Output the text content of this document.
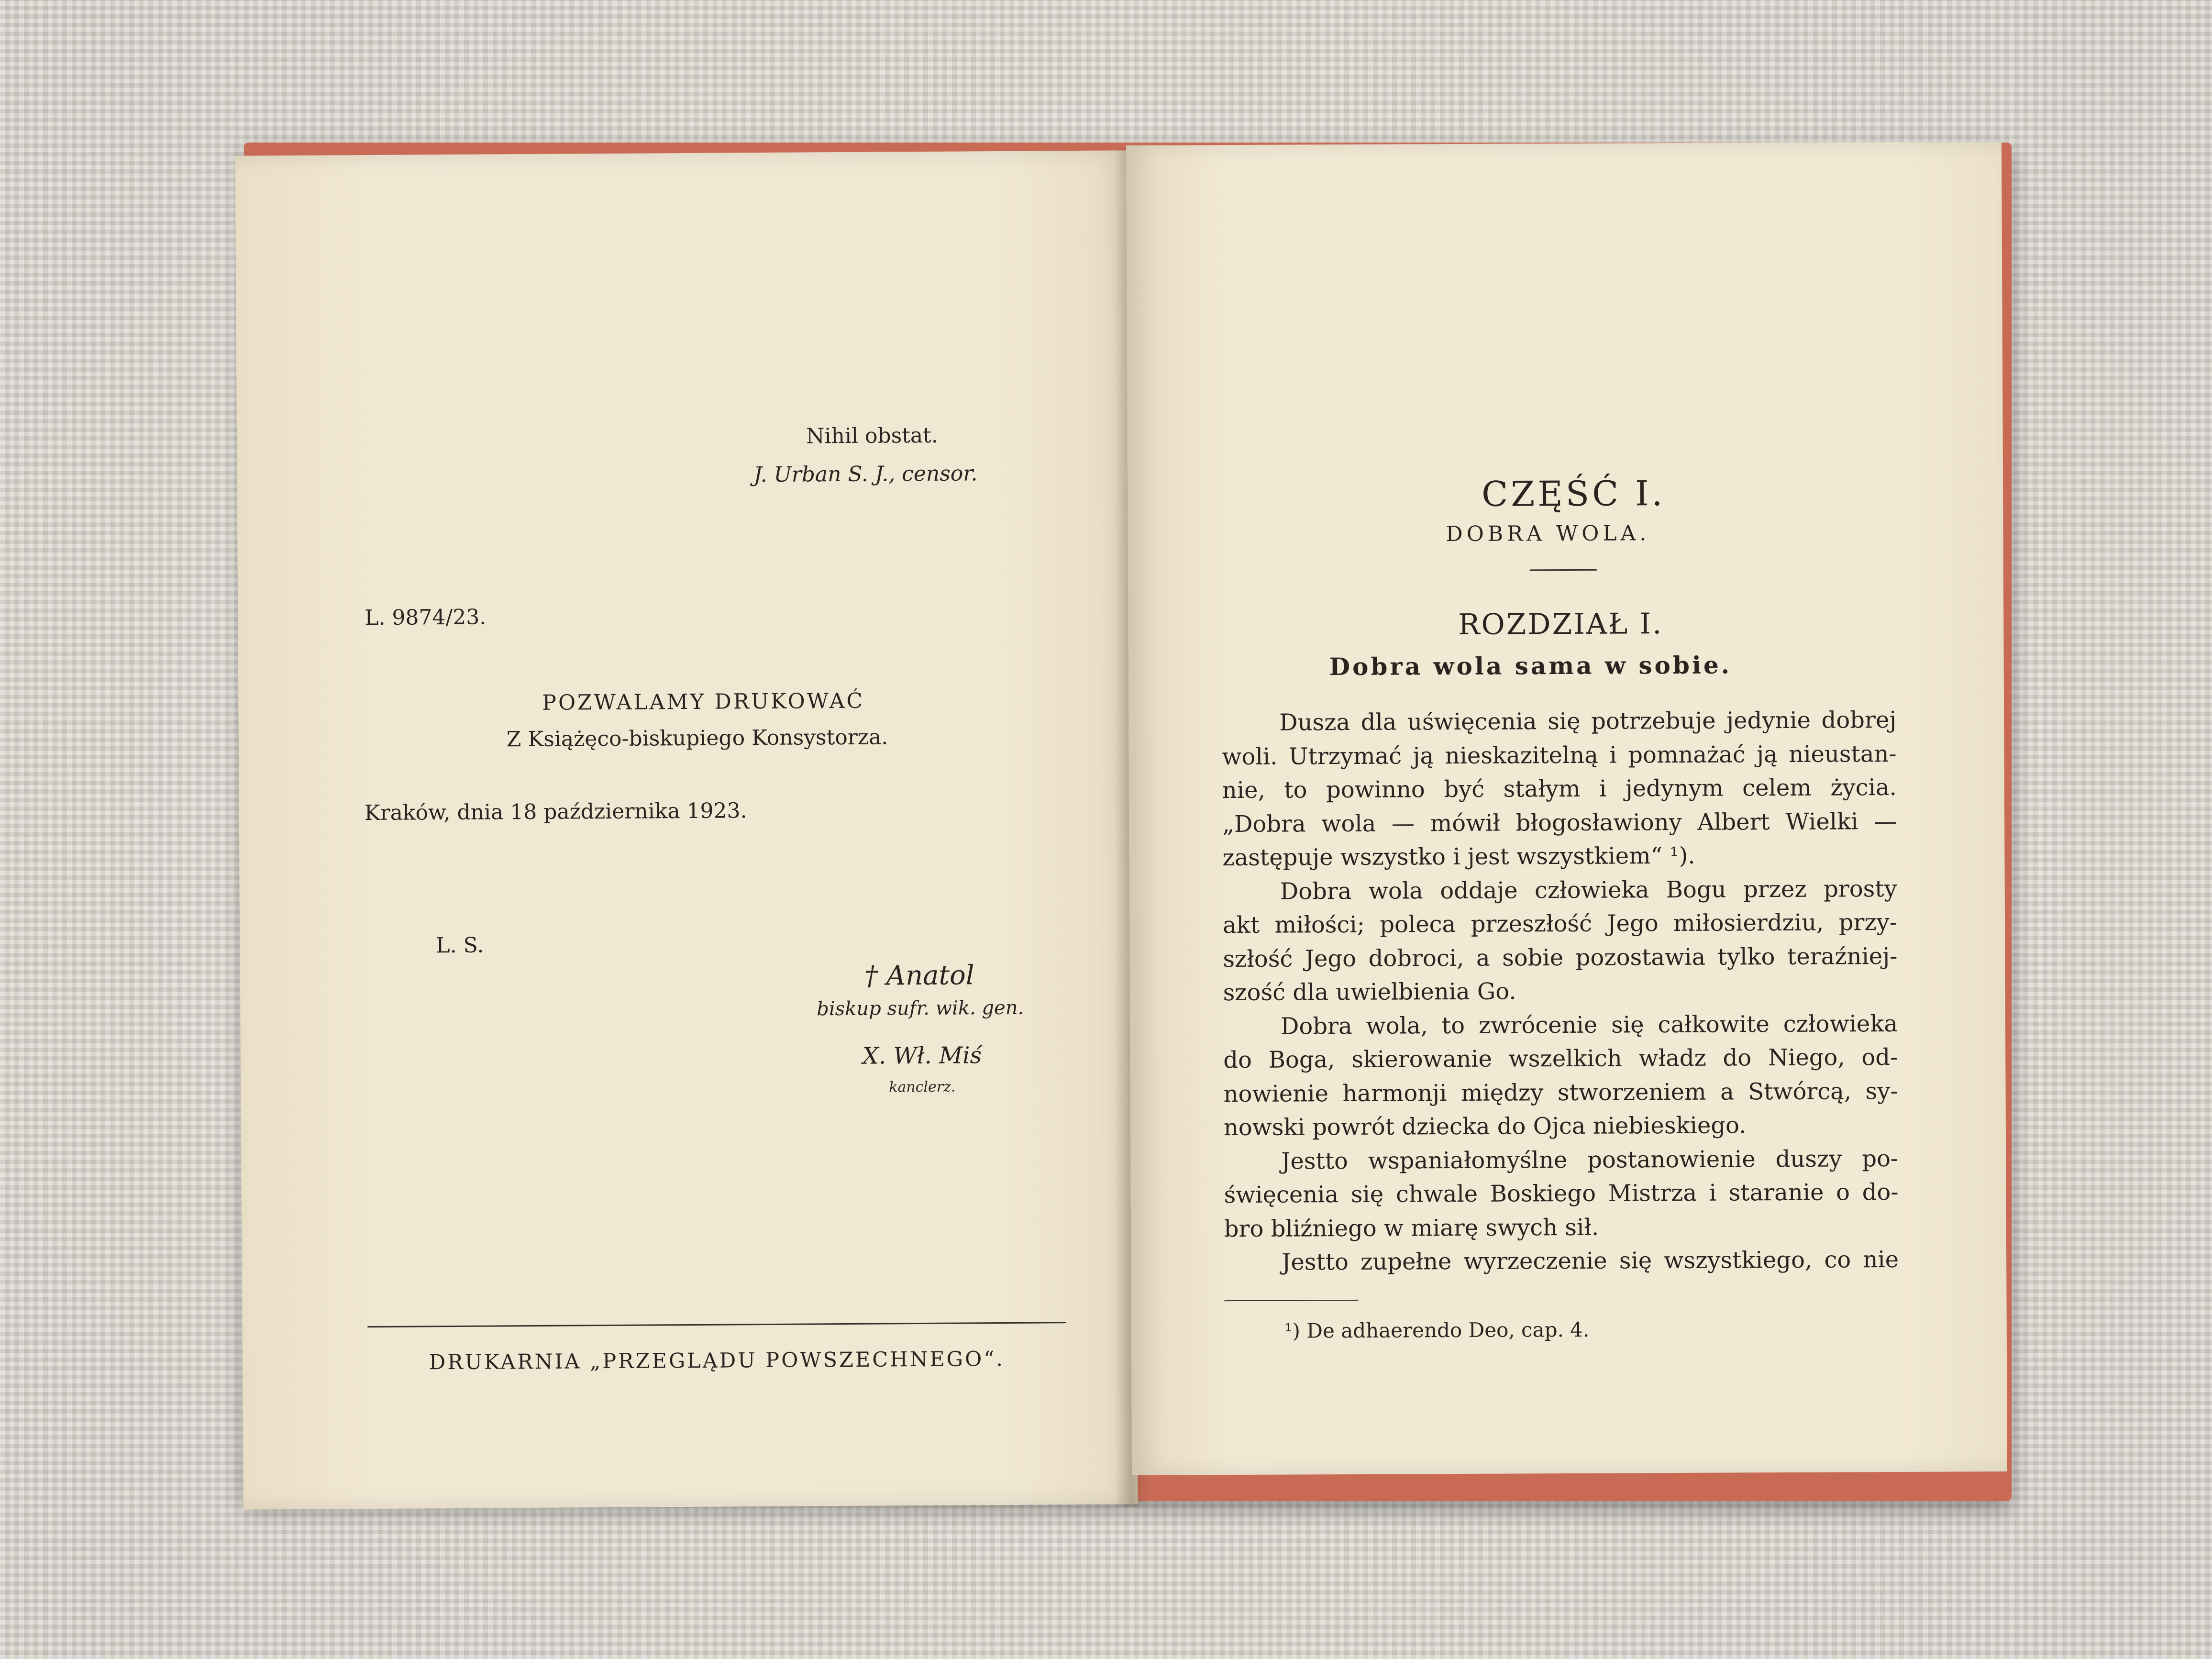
Nihil obstat.
J. Urban S. J., censor.
L. 9874/23.
POZWALAMY DRUKOWAĆ
Z Książęco-biskupiego Konsystorza.
Kraków, dnia 18 października 1923.
L. S.
† Anatol
biskup sufr. wik. gen.
X. Wł. Miś
kanclerz.
DRUKARNIA „PRZEGLĄDU POWSZECHNEGO“.
CZĘŚĆ I.
DOBRA WOLA.
ROZDZIAŁ I.
Dobra wola sama w sobie.
Dusza dla uświęcenia się potrzebuje jedynie dobrej
woli. Utrzymać ją nieskazitelną i pomnażać ją nieustan-
nie, to powinno być stałym i jedynym celem życia.
„Dobra wola — mówił błogosławiony Albert Wielki —
zastępuje wszystko i jest wszystkiem“ ¹).
Dobra wola oddaje człowieka Bogu przez prosty
akt miłości; poleca przeszłość Jego miłosierdziu, przy-
szłość Jego dobroci, a sobie pozostawia tylko teraźniej-
szość dla uwielbienia Go.
Dobra wola, to zwrócenie się całkowite człowieka
do Boga, skierowanie wszelkich władz do Niego, od-
nowienie harmonji między stworzeniem a Stwórcą, sy-
nowski powrót dziecka do Ojca niebieskiego.
Jestto wspaniałomyślne postanowienie duszy po-
święcenia się chwale Boskiego Mistrza i staranie o do-
bro bliźniego w miarę swych sił.
Jestto zupełne wyrzeczenie się wszystkiego, co nie
¹) De adhaerendo Deo, cap. 4.
